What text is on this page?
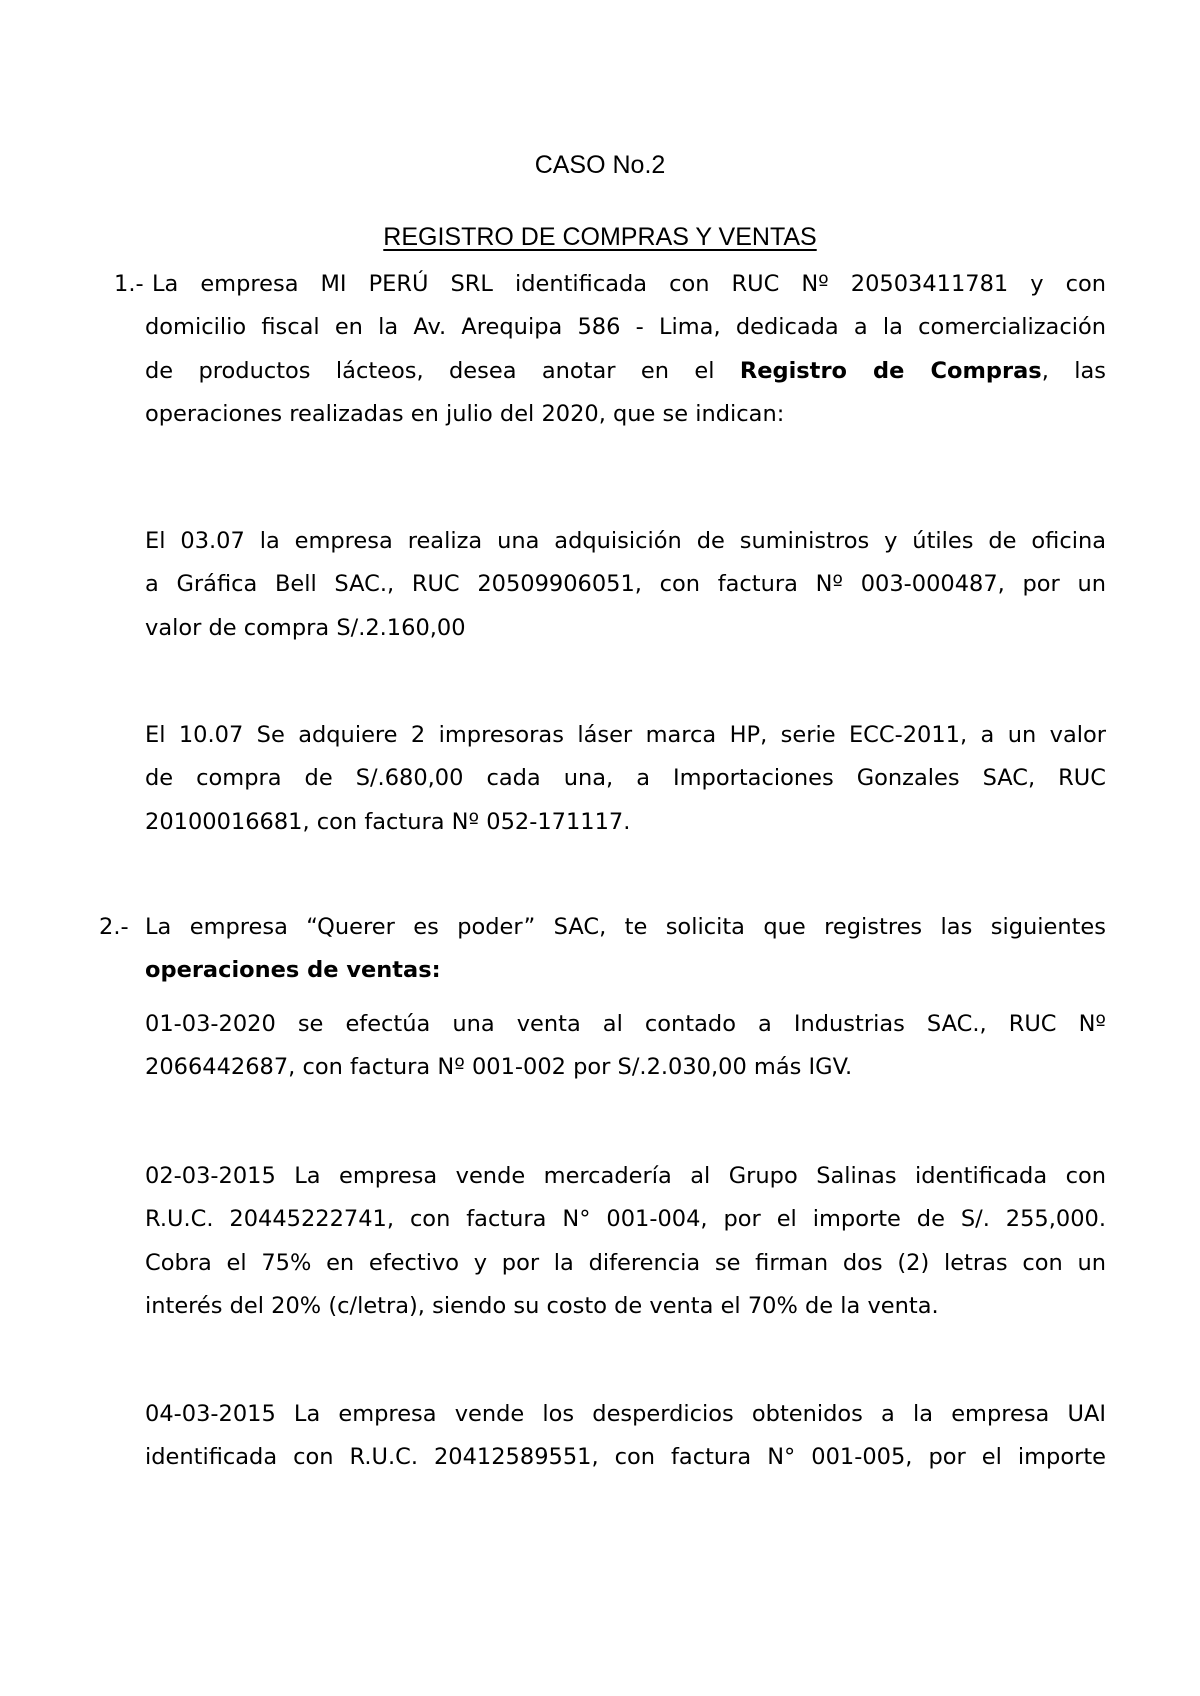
CASO No.2
REGISTRO DE COMPRAS Y VENTAS
1.- La empresa MI PERÚ SRL identificada con RUC Nº 20503411781 y con
domicilio fiscal en la Av. Arequipa 586 - Lima, dedicada a la comercialización
de productos lácteos, desea anotar en el Registro de Compras, las
operaciones realizadas en julio del 2020, que se indican:
El 03.07 la empresa realiza una adquisición de suministros y útiles de oficina
a Gráfica Bell SAC., RUC 20509906051, con factura Nº 003-000487, por un
valor de compra S/.2.160,00
El 10.07 Se adquiere 2 impresoras láser marca HP, serie ECC-2011, a un valor
de compra de S/.680,00 cada una, a Importaciones Gonzales SAC, RUC
20100016681, con factura Nº 052-171117.
2.- La empresa “Querer es poder” SAC, te solicita que registres las siguientes
operaciones de ventas:
01-03-2020 se efectúa una venta al contado a Industrias SAC., RUC Nº
2066442687, con factura Nº 001-002 por S/.2.030,00 más IGV.
02-03-2015 La empresa vende mercadería al Grupo Salinas identificada con
R.U.C. 20445222741, con factura N° 001-004, por el importe de S/. 255,000.
Cobra el 75% en efectivo y por la diferencia se firman dos (2) letras con un
interés del 20% (c/letra), siendo su costo de venta el 70% de la venta.
04-03-2015 La empresa vende los desperdicios obtenidos a la empresa UAI
identificada con R.U.C. 20412589551, con factura N° 001-005, por el importe
